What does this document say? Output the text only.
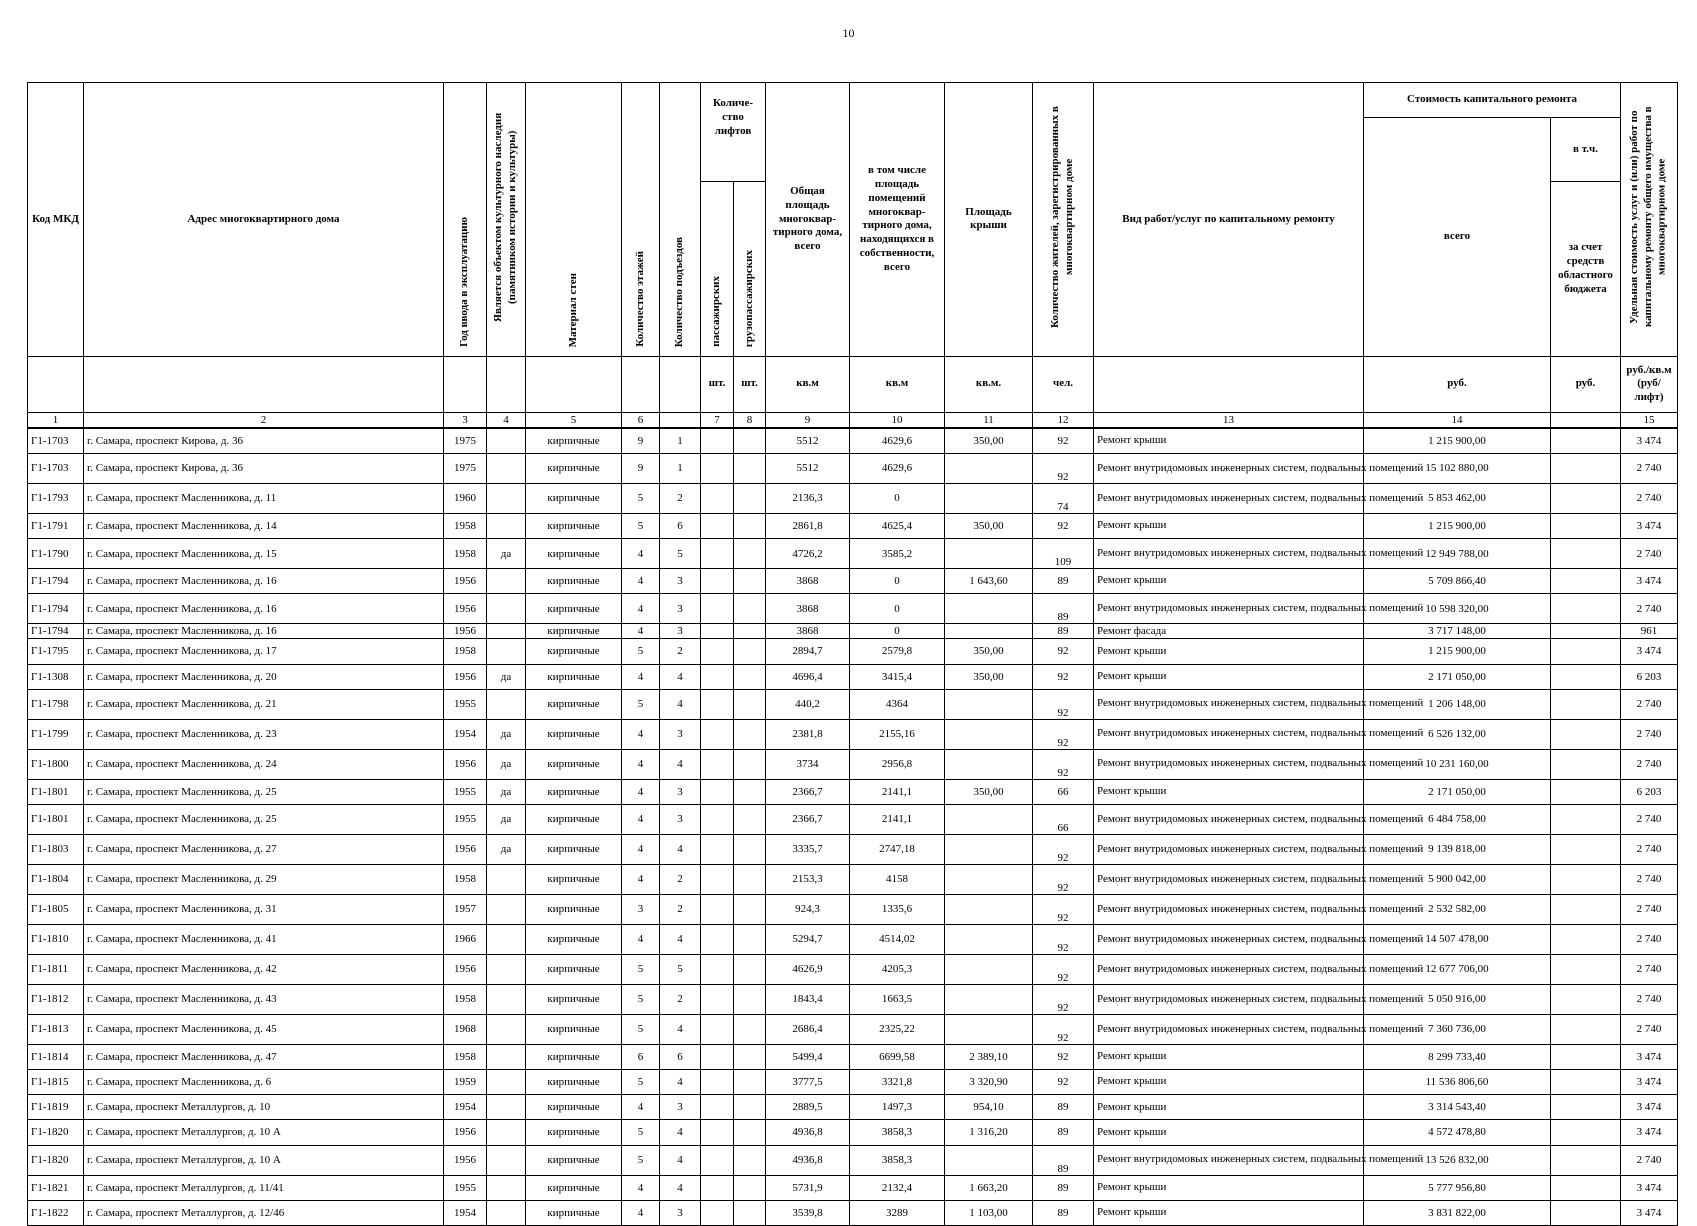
10
Код МКД	Адрес многоквартирного дома	Год ввода в эксплуатацию	Является объектом культурного наследия (памятником истории и культуры)	Материал стен	Количество этажей	Количество подъездов	Количе-ство лифтов		Общая площадь многоквар-тирного дома, всего	в том числе площадь помещений многоквар-тирного дома, находящихся в собственности, всего	Площадь крыши	Количество жителей, зарегистрированных в многоквартирном доме	Вид работ/услуг по капитальному ремонту	Стоимость капитального ремонта		Удельная стоимость услуг и (или) работ по капитальному ремонту общего имущества в многоквартирном доме	
														всего	в т.ч.		
							пассажирских	грузопассажирских							за счет средств областного бюджета		
							шт.	шт.	кв.м	кв.м	кв.м.	чел.		руб.	руб.	руб./кв.м (руб/лифт)	
1	2	3	4	5	6		7	8	9	10	11	12	13	14		15	
Г1-1703	г. Самара, проспект Кирова, д. 36	1975		кирпичные	9	1			5512	4629,6	350,00	92	Ремонт крыши	1 215 900,00		3 474	
Г1-1703	г. Самара, проспект Кирова, д. 36	1975		кирпичные	9	1			5512	4629,6		92	Ремонт внутридомовых инженерных систем, подвальных помещений	15 102 880,00		2 740	
Г1-1793	г. Самара, проспект Масленникова, д. 11	1960		кирпичные	5	2			2136,3	0		74	Ремонт внутридомовых инженерных систем, подвальных помещений	5 853 462,00		2 740	
Г1-1791	г. Самара, проспект Масленникова, д. 14	1958		кирпичные	5	6			2861,8	4625,4	350,00	92	Ремонт крыши	1 215 900,00		3 474	
Г1-1790	г. Самара, проспект Масленникова, д. 15	1958	да	кирпичные	4	5			4726,2	3585,2		109	Ремонт внутридомовых инженерных систем, подвальных помещений	12 949 788,00		2 740	
Г1-1794	г. Самара, проспект Масленникова, д. 16	1956		кирпичные	4	3			3868	0	1 643,60	89	Ремонт крыши	5 709 866,40		3 474	
Г1-1794	г. Самара, проспект Масленникова, д. 16	1956		кирпичные	4	3			3868	0		89	Ремонт внутридомовых инженерных систем, подвальных помещений	10 598 320,00		2 740	
Г1-1794	г. Самара, проспект Масленникова, д. 16	1956		кирпичные	4	3			3868	0		89	Ремонт фасада	3 717 148,00		961	
Г1-1795	г. Самара, проспект Масленникова, д. 17	1958		кирпичные	5	2			2894,7	2579,8	350,00	92	Ремонт крыши	1 215 900,00		3 474	
Г1-1308	г. Самара, проспект Масленникова, д. 20	1956	да	кирпичные	4	4			4696,4	3415,4	350,00	92	Ремонт крыши	2 171 050,00		6 203	
Г1-1798	г. Самара, проспект Масленникова, д. 21	1955		кирпичные	5	4			440,2	4364		92	Ремонт внутридомовых инженерных систем, подвальных помещений	1 206 148,00		2 740	
Г1-1799	г. Самара, проспект Масленникова, д. 23	1954	да	кирпичные	4	3			2381,8	2155,16		92	Ремонт внутридомовых инженерных систем, подвальных помещений	6 526 132,00		2 740	
Г1-1800	г. Самара, проспект Масленникова, д. 24	1956	да	кирпичные	4	4			3734	2956,8		92	Ремонт внутридомовых инженерных систем, подвальных помещений	10 231 160,00		2 740	
Г1-1801	г. Самара, проспект Масленникова, д. 25	1955	да	кирпичные	4	3			2366,7	2141,1	350,00	66	Ремонт крыши	2 171 050,00		6 203	
Г1-1801	г. Самара, проспект Масленникова, д. 25	1955	да	кирпичные	4	3			2366,7	2141,1		66	Ремонт внутридомовых инженерных систем, подвальных помещений	6 484 758,00		2 740	
Г1-1803	г. Самара, проспект Масленникова, д. 27	1956	да	кирпичные	4	4			3335,7	2747,18		92	Ремонт внутридомовых инженерных систем, подвальных помещений	9 139 818,00		2 740	
Г1-1804	г. Самара, проспект Масленникова, д. 29	1958		кирпичные	4	2			2153,3	4158		92	Ремонт внутридомовых инженерных систем, подвальных помещений	5 900 042,00		2 740	
Г1-1805	г. Самара, проспект Масленникова, д. 31	1957		кирпичные	3	2			924,3	1335,6		92	Ремонт внутридомовых инженерных систем, подвальных помещений	2 532 582,00		2 740	
Г1-1810	г. Самара, проспект Масленникова, д. 41	1966		кирпичные	4	4			5294,7	4514,02		92	Ремонт внутридомовых инженерных систем, подвальных помещений	14 507 478,00		2 740	
Г1-1811	г. Самара, проспект Масленникова, д. 42	1956		кирпичные	5	5			4626,9	4205,3		92	Ремонт внутридомовых инженерных систем, подвальных помещений	12 677 706,00		2 740	
Г1-1812	г. Самара, проспект Масленникова, д. 43	1958		кирпичные	5	2			1843,4	1663,5		92	Ремонт внутридомовых инженерных систем, подвальных помещений	5 050 916,00		2 740	
Г1-1813	г. Самара, проспект Масленникова, д. 45	1968		кирпичные	5	4			2686,4	2325,22		92	Ремонт внутридомовых инженерных систем, подвальных помещений	7 360 736,00		2 740	
Г1-1814	г. Самара, проспект Масленникова, д. 47	1958		кирпичные	6	6			5499,4	6699,58	2 389,10	92	Ремонт крыши	8 299 733,40		3 474	
Г1-1815	г. Самара, проспект Масленникова, д. 6	1959		кирпичные	5	4			3777,5	3321,8	3 320,90	92	Ремонт крыши	11 536 806,60		3 474	
Г1-1819	г. Самара, проспект Металлургов, д. 10	1954		кирпичные	4	3			2889,5	1497,3	954,10	89	Ремонт крыши	3 314 543,40		3 474	
Г1-1820	г. Самара, проспект Металлургов, д. 10 А	1956		кирпичные	5	4			4936,8	3858,3	1 316,20	89	Ремонт крыши	4 572 478,80		3 474	
Г1-1820	г. Самара, проспект Металлургов, д. 10 А	1956		кирпичные	5	4			4936,8	3858,3		89	Ремонт внутридомовых инженерных систем, подвальных помещений	13 526 832,00		2 740	
Г1-1821	г. Самара, проспект Металлургов, д. 11/41	1955		кирпичные	4	4			5731,9	2132,4	1 663,20	89	Ремонт крыши	5 777 956,80		3 474	
Г1-1822	г. Самара, проспект Металлургов, д. 12/46	1954		кирпичные	4	3			3539,8	3289	1 103,00	89	Ремонт крыши	3 831 822,00		3 474	
